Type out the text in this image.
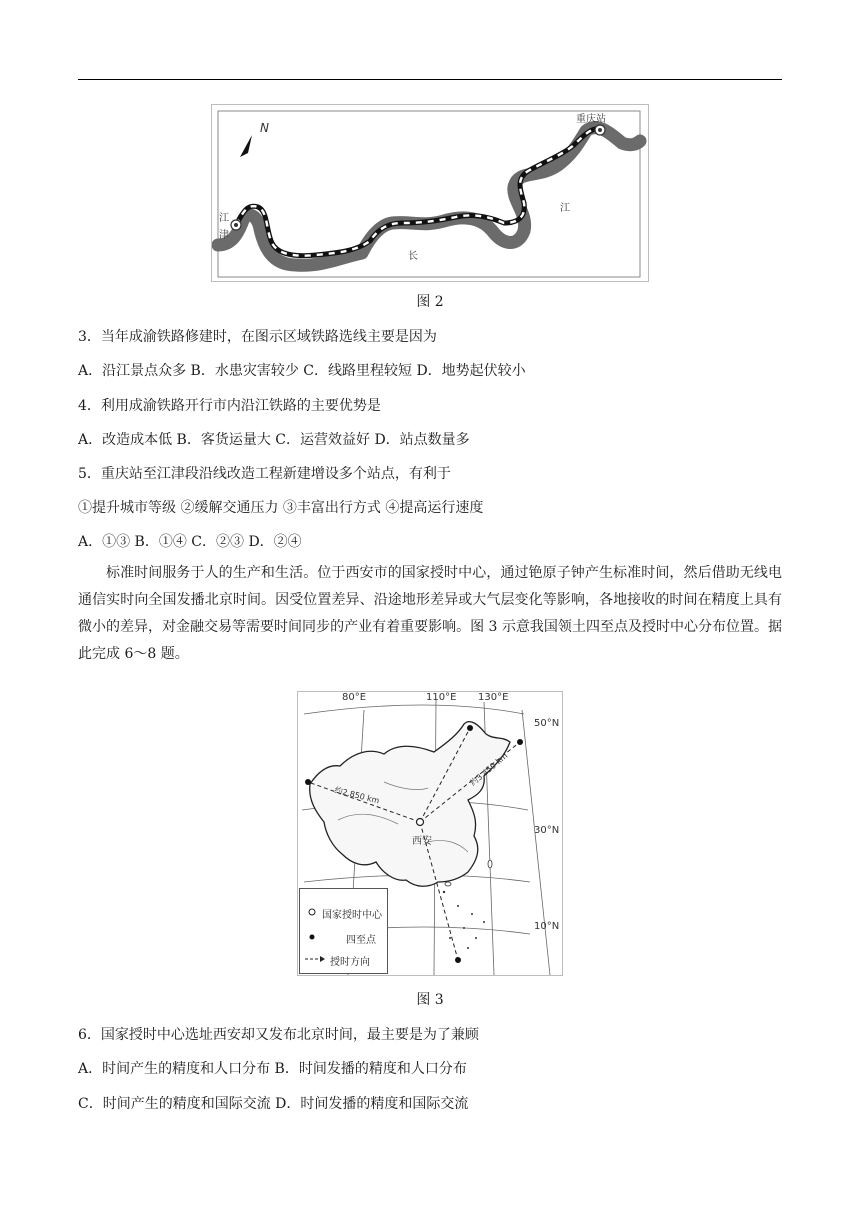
N
重庆站
江
津
江
长
图 2
3．当年成渝铁路修建时，在图示区域铁路选线主要是因为
A．沿江景点众多 B．水患灾害较少 C．线路里程较短 D．地势起伏较小
4．利用成渝铁路开行市内沿江铁路的主要优势是
A．改造成本低 B．客货运量大 C．运营效益好 D．站点数量多
5．重庆站至江津段沿线改造工程新建增设多个站点，有利于
①提升城市等级 ②缓解交通压力 ③丰富出行方式 ④提高运行速度
A．①③ B．①④ C．②③ D．②④
标准时间服务于人的生产和生活。位于西安市的国家授时中心，通过铯原子钟产生标准时间，然后借助无线电通信实时向全国发播北京时间。因受位置差异、沿途地形差异或大气层变化等影响，各地接收的时间在精度上具有微小的差异，对金融交易等需要时间同步的产业有着重要影响。图 3 示意我国领土四至点及授时中心分布位置。据此完成 6～8 题。
80°E	110°E 130°E
50°N
30°N
10°N
西安
约2,850 km
约3,450 km
国家授时中心
四至点
授时方向
图 3
6．国家授时中心选址西安却又发布北京时间，最主要是为了兼顾
A．时间产生的精度和人口分布 B．时间发播的精度和人口分布
C．时间产生的精度和国际交流 D．时间发播的精度和国际交流
